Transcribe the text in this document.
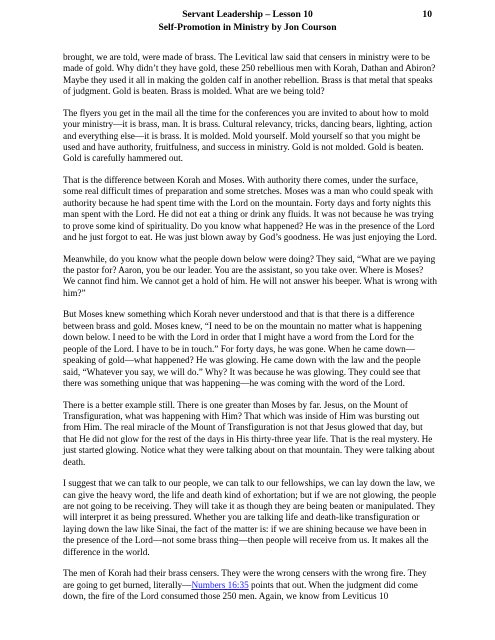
Servant Leadership – Lesson 10
Self-Promotion in Ministry by Jon Courson
10

brought, we are told, were made of brass. The Levitical law said that censers in ministry were to be made of gold. Why didn’t they have gold, these 250 rebellious men with Korah, Dathan and Abiron? Maybe they used it all in making the golden calf in another rebellion. Brass is that metal that speaks of judgment. Gold is beaten. Brass is molded. What are we being told?

The flyers you get in the mail all the time for the conferences you are invited to about how to mold your ministry—it is brass, man. It is brass. Cultural relevancy, tricks, dancing bears, lighting, action and everything else—it is brass. It is molded. Mold yourself. Mold yourself so that you might be used and have authority, fruitfulness, and success in ministry. Gold is not molded. Gold is beaten. Gold is carefully hammered out.

That is the difference between Korah and Moses. With authority there comes, under the surface, some real difficult times of preparation and some stretches. Moses was a man who could speak with authority because he had spent time with the Lord on the mountain. Forty days and forty nights this man spent with the Lord. He did not eat a thing or drink any fluids. It was not because he was trying to prove some kind of spirituality. Do you know what happened? He was in the presence of the Lord and he just forgot to eat. He was just blown away by God’s goodness. He was just enjoying the Lord.

Meanwhile, do you know what the people down below were doing? They said, “What are we paying the pastor for? Aaron, you be our leader. You are the assistant, so you take over. Where is Moses? We cannot find him. We cannot get a hold of him. He will not answer his beeper. What is wrong with him?”

But Moses knew something which Korah never understood and that is that there is a difference between brass and gold. Moses knew, “I need to be on the mountain no matter what is happening down below. I need to be with the Lord in order that I might have a word from the Lord for the people of the Lord. I have to be in touch.” For forty days, he was gone. When he came down—speaking of gold—what happened? He was glowing. He came down with the law and the people said, “Whatever you say, we will do.” Why? It was because he was glowing. They could see that there was something unique that was happening—he was coming with the word of the Lord.

There is a better example still. There is one greater than Moses by far. Jesus, on the Mount of Transfiguration, what was happening with Him? That which was inside of Him was bursting out from Him. The real miracle of the Mount of Transfiguration is not that Jesus glowed that day, but that He did not glow for the rest of the days in His thirty-three year life. That is the real mystery. He just started glowing. Notice what they were talking about on that mountain. They were talking about death.

I suggest that we can talk to our people, we can talk to our fellowships, we can lay down the law, we can give the heavy word, the life and death kind of exhortation; but if we are not glowing, the people are not going to be receiving. They will take it as though they are being beaten or manipulated. They will interpret it as being pressured. Whether you are talking life and death-like transfiguration or laying down the law like Sinai, the fact of the matter is: if we are shining because we have been in the presence of the Lord—not some brass thing—then people will receive from us. It makes all the difference in the world.

The men of Korah had their brass censers. They were the wrong censers with the wrong fire. They are going to get burned, literally—Numbers 16:35 points that out. When the judgment did come down, the fire of the Lord consumed those 250 men. Again, we know from Leviticus 10
